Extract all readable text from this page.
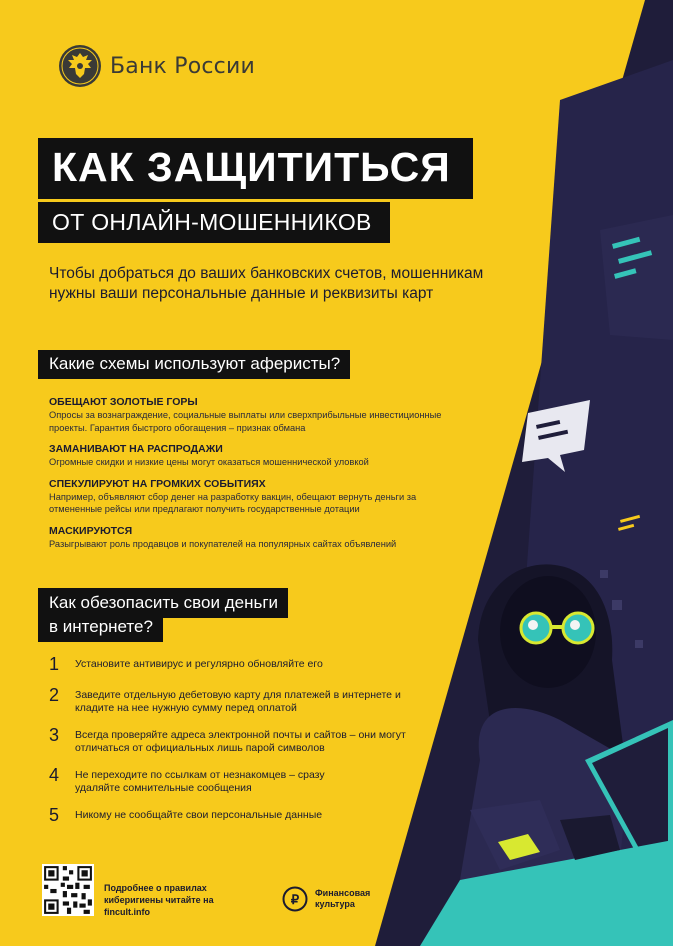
Банк России
КАК ЗАЩИТИТЬСЯ
ОТ ОНЛАЙН-МОШЕННИКОВ
Чтобы добраться до ваших банковских счетов, мошенникам нужны ваши персональные данные и реквизиты карт
Какие схемы используют аферисты?
ОБЕЩАЮТ ЗОЛОТЫЕ ГОРЫ
Опросы за вознаграждение, социальные выплаты или сверхприбыльные инвестиционные проекты. Гарантия быстрого обогащения – признак обмана
ЗАМАНИВАЮТ НА РАСПРОДАЖИ
Огромные скидки и низкие цены могут оказаться мошеннической уловкой
СПЕКУЛИРУЮТ НА ГРОМКИХ СОБЫТИЯХ
Например, объявляют сбор денег на разработку вакцин, обещают вернуть деньги за отмененные рейсы или предлагают получить государственные дотации
МАСКИРУЮТСЯ
Разыгрывают роль продавцов и покупателей на популярных сайтах объявлений
Как обезопасить свои деньги
в интернете?
1	Установите антивирус и регулярно обновляйте его
2	Заведите отдельную дебетовую карту для платежей в интернете и кладите на нее нужную сумму перед оплатой
3	Всегда проверяйте адреса электронной почты и сайтов – они могут отличаться от официальных лишь парой символов
4	Не переходите по ссылкам от незнакомцев – сразу удаляйте сомнительные сообщения
5	Никому не сообщайте свои персональные данные
Подробнее о правилах киберигиены читайте на fincult.info
₽ Финансовая культура
